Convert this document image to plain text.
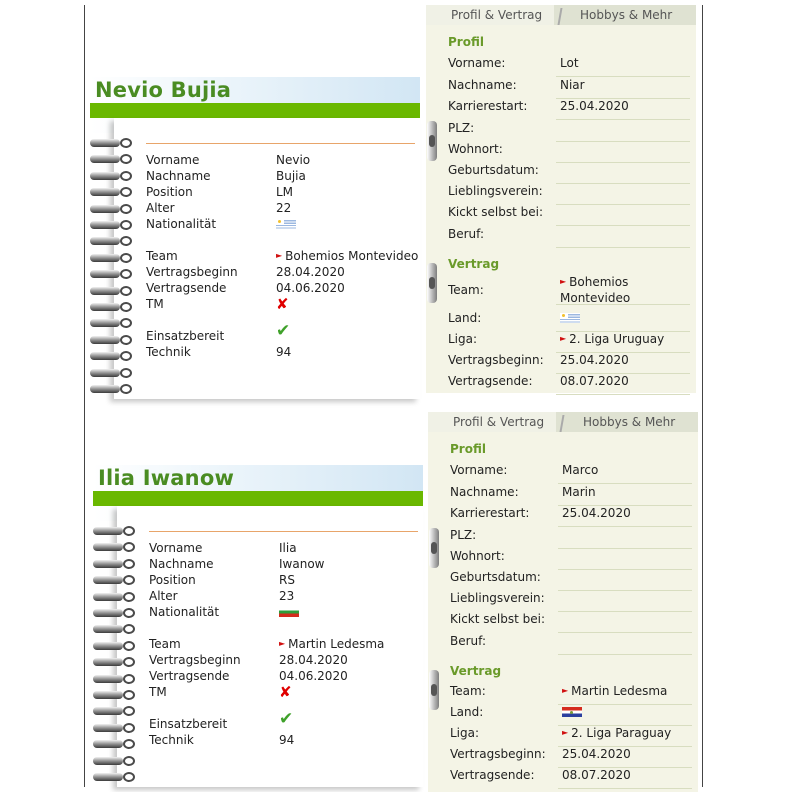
Nevio Bujia
Vorname	Nevio
Nachname	Bujia
Position	LM
Alter	22
Nationalität
Team	► Bohemios Montevideo
Vertragsbeginn	28.04.2020
Vertragsende	04.06.2020
TM	✘
Einsatzbereit	✔
Technik	94
Ilia Iwanow
Vorname	Ilia
Nachname	Iwanow
Position	RS
Alter	23
Nationalität
Team	► Martin Ledesma
Vertragsbeginn	28.04.2020
Vertragsende	04.06.2020
TM	✘
Einsatzbereit	✔
Technik	94
Profil & Vertrag	Hobbys & Mehr
Profil
Vorname:	Lot
Nachname:	Niar
Karrierestart:	25.04.2020
PLZ:
Wohnort:
Geburtsdatum:
Lieblingsverein:
Kickt selbst bei:
Beruf:
Vertrag
Team:
► Bohemios Montevideo
Land:
Liga:	► 2. Liga Uruguay
Vertragsbeginn:	25.04.2020
Vertragsende:	08.07.2020
Profil & Vertrag	Hobbys & Mehr
Profil
Vorname:	Marco
Nachname:	Marin
Karrierestart:	25.04.2020
PLZ:
Wohnort:
Geburtsdatum:
Lieblingsverein:
Kickt selbst bei:
Beruf:
Vertrag
Team:	► Martin Ledesma
Land:
Liga:	► 2. Liga Paraguay
Vertragsbeginn:	25.04.2020
Vertragsende:	08.07.2020
